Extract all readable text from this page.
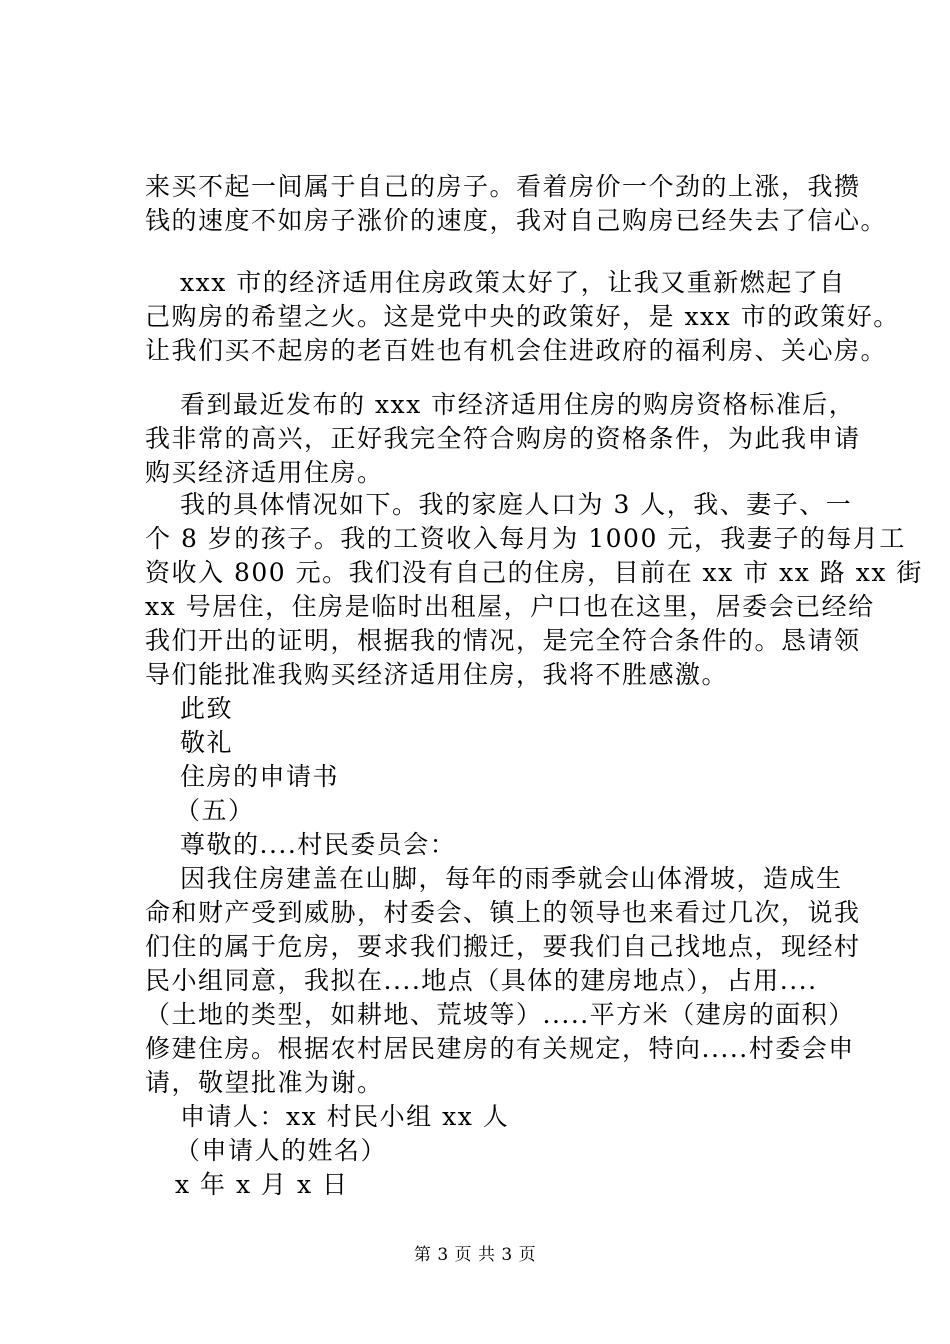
来买不起一间属于自己的房子。看着房价一个劲的上涨，我攒
钱的速度不如房子涨价的速度，我对自己购房已经失去了信心。
xxx 市的经济适用住房政策太好了，让我又重新燃起了自
己购房的希望之火。这是党中央的政策好，是 xxx 市的政策好。
让我们买不起房的老百姓也有机会住进政府的福利房、关心房。
看到最近发布的 xxx 市经济适用住房的购房资格标准后，
我非常的高兴，正好我完全符合购房的资格条件，为此我申请
购买经济适用住房。
我的具体情况如下。我的家庭人口为 3 人，我、妻子、一
个 8 岁的孩子。我的工资收入每月为 1000 元，我妻子的每月工
资收入 800 元。我们没有自己的住房，目前在 xx 市 xx 路 xx 街
xx 号居住，住房是临时出租屋，户口也在这里，居委会已经给
我们开出的证明，根据我的情况，是完全符合条件的。恳请领
导们能批准我购买经济适用住房，我将不胜感激。
此致
敬礼
住房的申请书
（五）
尊敬的....村民委员会：
因我住房建盖在山脚，每年的雨季就会山体滑坡，造成生
命和财产受到威胁，村委会、镇上的领导也来看过几次，说我
们住的属于危房，要求我们搬迁，要我们自己找地点，现经村
民小组同意，我拟在....地点（具体的建房地点），占用....
（土地的类型，如耕地、荒坡等）.....平方米（建房的面积）
修建住房。根据农村居民建房的有关规定，特向.....村委会申
请，敬望批准为谢。
申请人：xx 村民小组 xx 人
（申请人的姓名）
x 年 x 月 x 日
第 3 页 共 3 页
